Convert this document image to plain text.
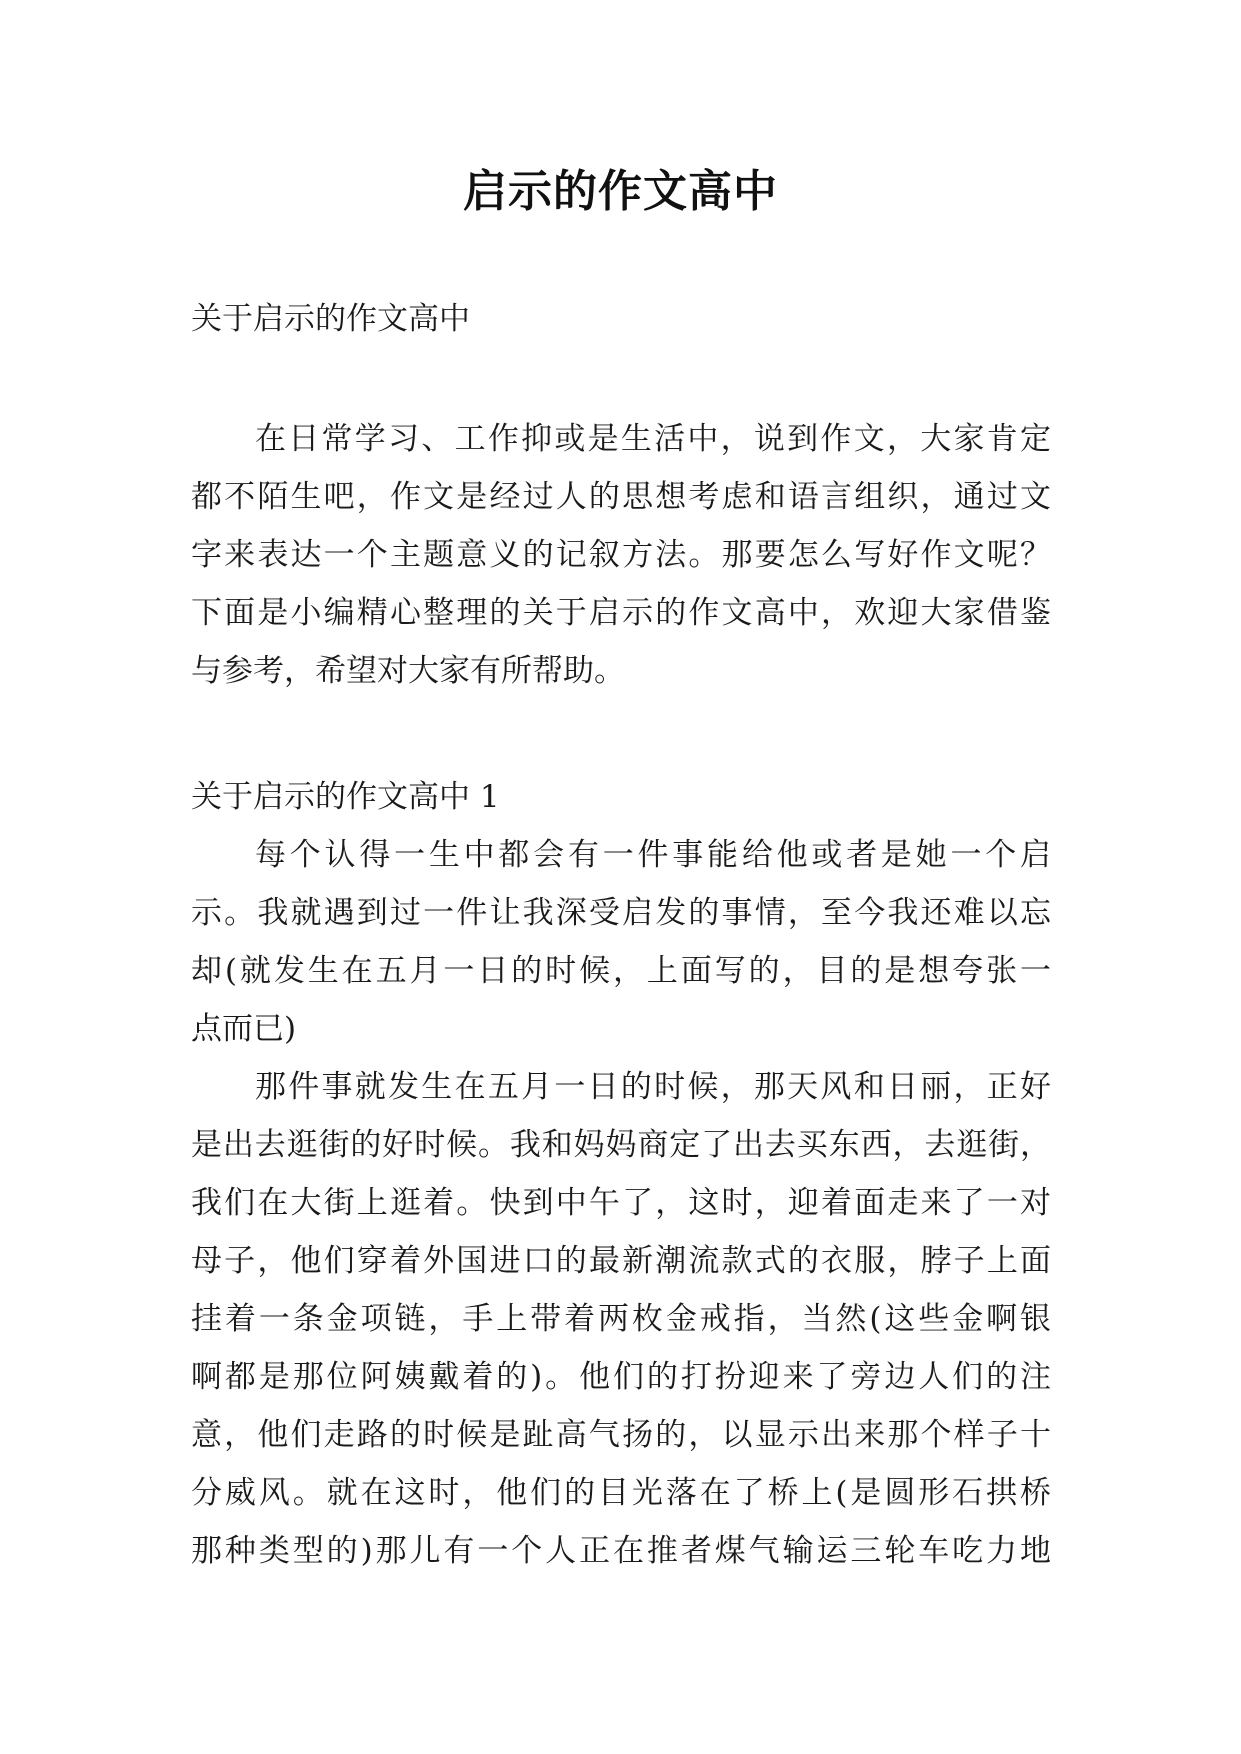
启示的作文高中
关于启示的作文高中
在日常学习、工作抑或是生活中，说到作文，大家肯定
都不陌生吧，作文是经过人的思想考虑和语言组织，通过文
字来表达一个主题意义的记叙方法。那要怎么写好作文呢？
下面是小编精心整理的关于启示的作文高中，欢迎大家借鉴
与参考，希望对大家有所帮助。
关于启示的作文高中 1
每个认得一生中都会有一件事能给他或者是她一个启
示。我就遇到过一件让我深受启发的事情，至今我还难以忘
却(就发生在五月一日的时候，上面写的，目的是想夸张一
点而已)
那件事就发生在五月一日的时候，那天风和日丽，正好
是出去逛街的好时候。我和妈妈商定了出去买东西，去逛街，
我们在大街上逛着。快到中午了，这时，迎着面走来了一对
母子，他们穿着外国进口的最新潮流款式的衣服，脖子上面
挂着一条金项链，手上带着两枚金戒指，当然(这些金啊银
啊都是那位阿姨戴着的)。他们的打扮迎来了旁边人们的注
意，他们走路的时候是趾高气扬的，以显示出来那个样子十
分威风。就在这时，他们的目光落在了桥上(是圆形石拱桥
那种类型的)那儿有一个人正在推者煤气输运三轮车吃力地
